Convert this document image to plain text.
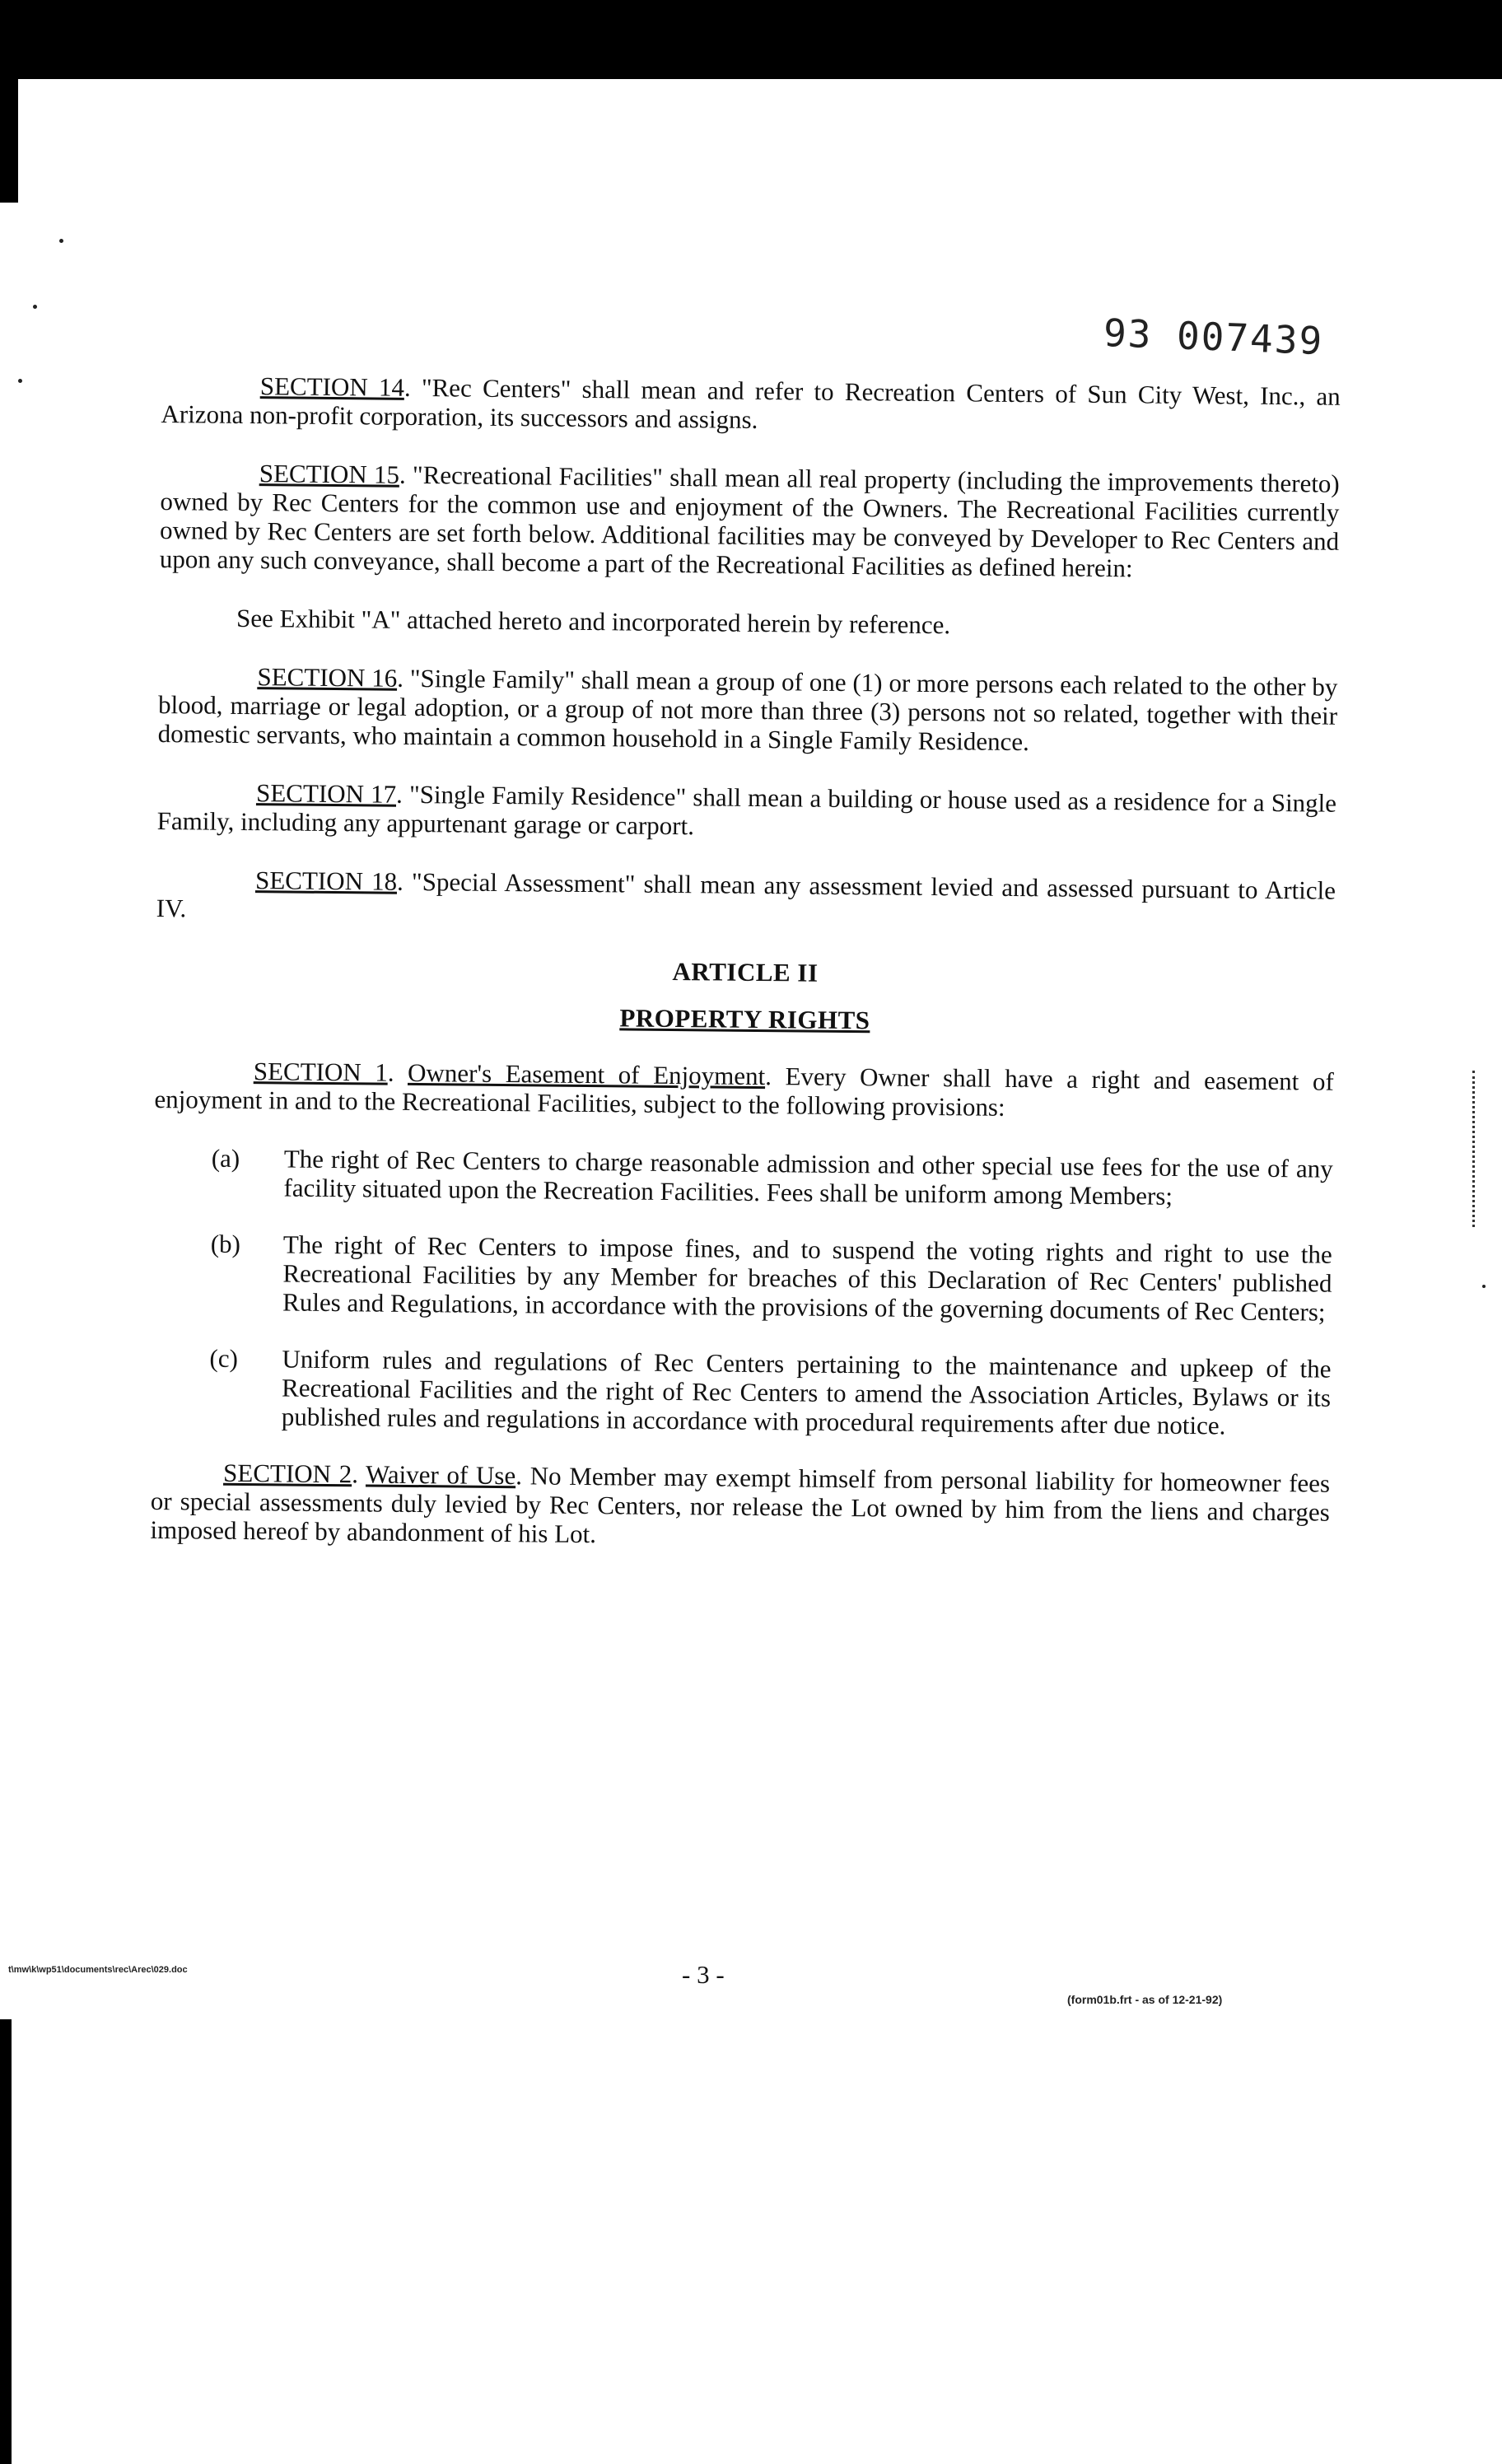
93 007439

SECTION 14. "Rec Centers" shall mean and refer to Recreation Centers of Sun City West, Inc., an Arizona non-profit corporation, its successors and assigns.

SECTION 15. "Recreational Facilities" shall mean all real property (including the improvements thereto) owned by Rec Centers for the common use and enjoyment of the Owners. The Recreational Facilities currently owned by Rec Centers are set forth below. Additional facilities may be conveyed by Developer to Rec Centers and upon any such conveyance, shall become a part of the Recreational Facilities as defined herein:

See Exhibit "A" attached hereto and incorporated herein by reference.

SECTION 16. "Single Family" shall mean a group of one (1) or more persons each related to the other by blood, marriage or legal adoption, or a group of not more than three (3) persons not so related, together with their domestic servants, who maintain a common household in a Single Family Residence.

SECTION 17. "Single Family Residence" shall mean a building or house used as a residence for a Single Family, including any appurtenant garage or carport.

SECTION 18. "Special Assessment" shall mean any assessment levied and assessed pursuant to Article IV.

ARTICLE II
PROPERTY RIGHTS

SECTION 1. Owner's Easement of Enjoyment. Every Owner shall have a right and easement of enjoyment in and to the Recreational Facilities, subject to the following provisions:

(a)	The right of Rec Centers to charge reasonable admission and other special use fees for the use of any facility situated upon the Recreation Facilities. Fees shall be uniform among Members;
(b)	The right of Rec Centers to impose fines, and to suspend the voting rights and right to use the Recreational Facilities by any Member for breaches of this Declaration of Rec Centers' published Rules and Regulations, in accordance with the provisions of the governing documents of Rec Centers;
(c)	Uniform rules and regulations of Rec Centers pertaining to the maintenance and upkeep of the Recreational Facilities and the right of Rec Centers to amend the Association Articles, Bylaws or its published rules and regulations in accordance with procedural requirements after due notice.

SECTION 2. Waiver of Use. No Member may exempt himself from personal liability for homeowner fees or special assessments duly levied by Rec Centers, nor release the Lot owned by him from the liens and charges imposed hereof by abandonment of his Lot.

t\mw\k\wp51\documents\rec\Arec\029.doc	- 3 -
(form01b.frt - as of 12-21-92)
